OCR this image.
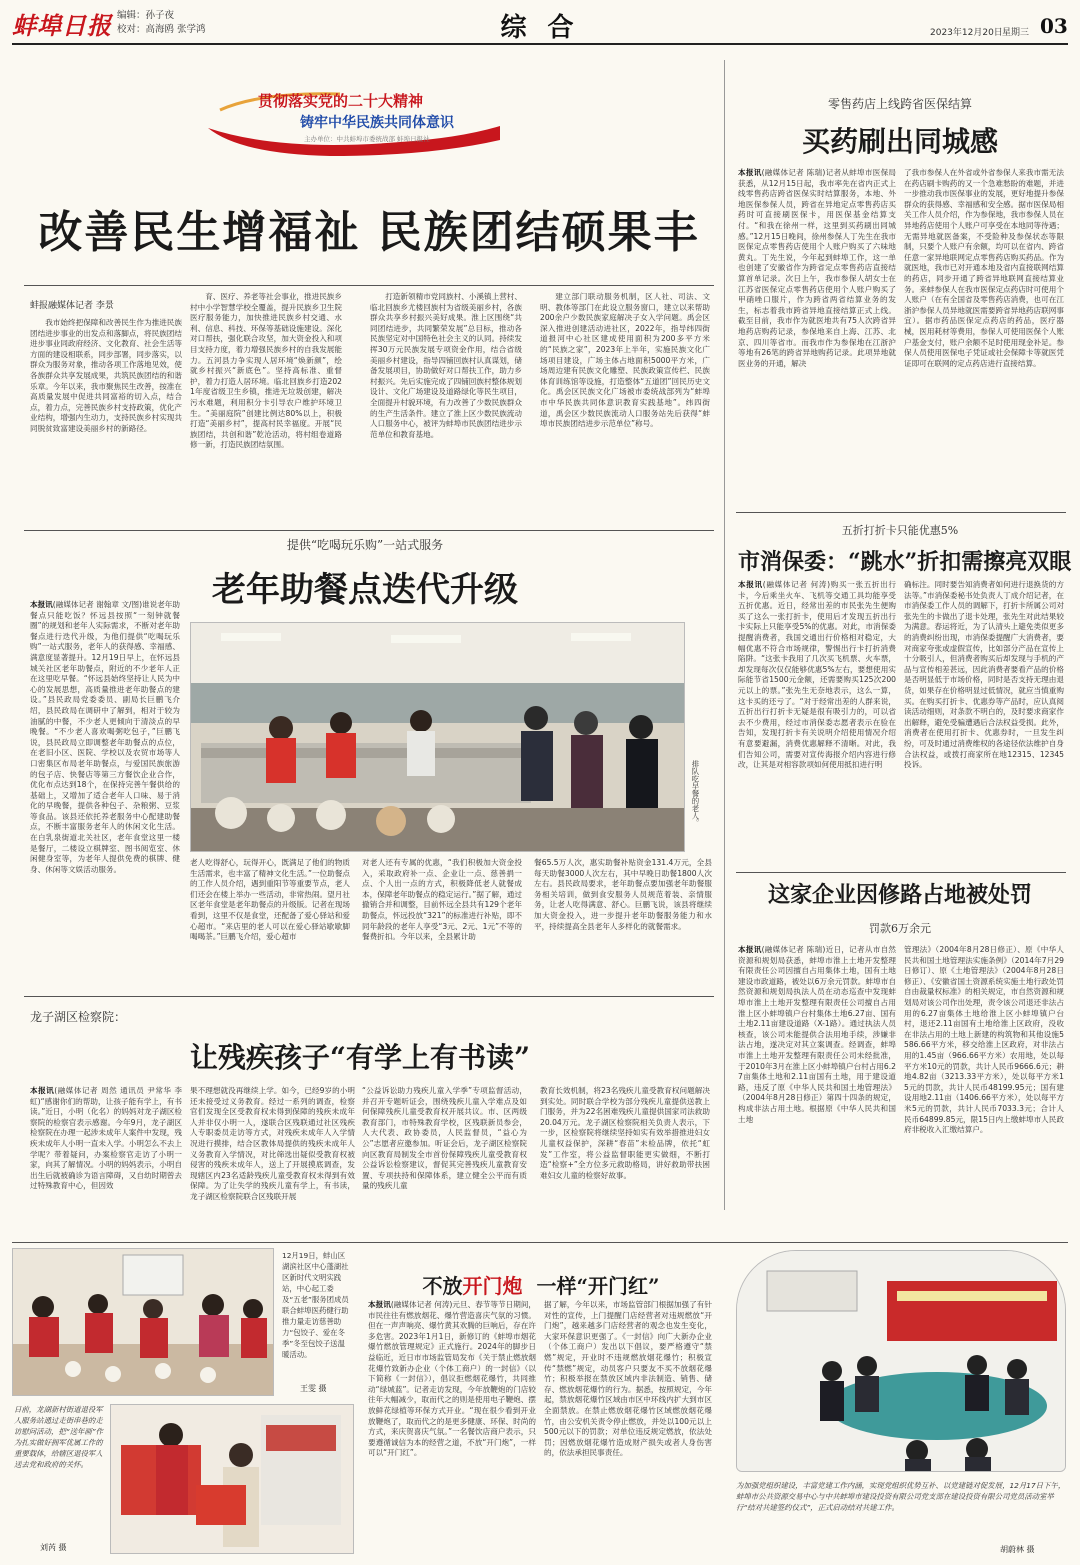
蚌埠日报 编辑：孙子夜
校对：高海鸥 张学鸿	综 合	2023年12月20日 星期三 03
贯彻落实党的二十大精神
铸牢中华民族共同体意识
主办单位：中共蚌埠市委统战部 蚌埠日报社
改善民生增福祉 民族团结硕果丰
蚌报融媒体记者 李景

我市始终把保障和改善民生作为推进民族团结进步事业的出发点和落脚点，将民族团结进步事业同政府经济、文化教育、社会生活等方面的建设相联系，同步部署，同步落实，以群众为服务对象，推动各项工作落地见效，使各族群众共享发展成果，共筑民族团结的和谐乐章。今年以来，我市聚焦民生改善，按准在高质量发展中促进共同富裕的切入点，结合点，着力点，完善民族乡村支持政策，优化产业结构，增强内生动力，支持民族乡村实现共同脱贫致富建设美丽乡村的新路径。

育、医疗、养老等社会事业，推进民族乡村中小学智慧学校全覆盖，提升民族乡卫生院医疗服务能力，加快推进民族乡村交通、水利、信息、科技、环保等基础设施建设。深化对口帮扶，强化联合攻坚，加大资金投入和项目支持力度，着力增强民族乡村的自我发展能力。五河县力争实现人居环境“焕新颜”，绘就乡村振兴“新底色”。坚持高标准、重督护，着力打造人居环境。临北回族乡打造2021年度省级卫生乡镇，推进无垃圾创建，解决污水难题，利用积分卡引导农户维护环境卫生。“美丽庭院”创建比例达80%以上，积极打造“美丽乡村”，提高村民幸福度。开展“民族团结，共创和谐”乾沧活动，将村组卷道路修一新，打造民族团结氛围。

打造新领精市党同族村、小溪镇上营村、临北回族乡尤楼回族村为省级美丽乡村，各族群众共享乡村振兴美好成果。淮上区围绕“共同团结进步，共同繁荣发展”总目标，推动各民族坚定对中国特色社会主义的认同。持续发挥30万元民族发展专项资金作用，结合省级美丽乡村建设，指导四铺回族村认真谋划，储备发展项目，协助做好对口帮扶工作，助力乡村振兴。先后实施完成了四铺回族村整体规划设计、文化广场建设及道路绿化等民生项目，全面提升村貌环境，有力改善了少数民族群众的生产生活条件。建立了淮上区少数民族流动人口服务中心，被评为蚌埠市民族团结进步示范单位和教育基地。

建立部门联动服务机制，区人社、司法、文明、教体等部门在此设立服务窗口，建立以来帮助200余户少数民族家庭解决子女入学问题。禹会区深入推进创建活动进社区，2022年，指导纬四街道报河中心社区建成使用面积为200多平方米的“民族之家”，2023年上半年，实施民族文化广场项目建设，广场主体占地面积5000平方米，广场周边建有民族文化雕塑、民族政策宣传栏、民族体育训练馆等设施，打造整体“五道团”回民历史文化。禹会区民族文化广场被市委统战部列为“蚌埠市中华民族共同体意识教育实践基地”。纬四街道，禹会区少数民族流动人口服务站先后获得“蚌埠市民族团结进步示范单位”称号。

零售药店上线跨省医保结算
买药刷出同城感
本报讯(融媒体记者 陈瑞)记者从蚌埠市医保局获悉，从12月15日起，我市率先在省内正式上线零售药店跨省医保实时结算服务，本地、外地医保参保人员，跨省在异地定点零售药店买药时可直接刷医保卡，用医保基金结算支付。“和我在徐州一样，这里到买药刷出同城感。”12月15日晚间，徐州参保人丁先生在我市医保定点零售药店使用个人账户购买了六味地黄丸。丁先生说，今年起到蚌埠工作，这一单也创建了安徽省作为跨省定点零售药店直接结算首单记录。次日上午，我市参保人胡女士在江苏省医保定点零售药店使用个人账户购买了甲硝唑口服片，作为跨省两省结算业务的发生，标志着我市跨省异地直接结算正式上线。截至目前，我市作为就医地共有75人次跨省异地药店购药记录，参保地来自上海、江苏、北京、四川等省市。而我市作为参保地在江浙沪等地有26笔的跨省异地购药记录。此项异地就医业务的开通，解决
了我市参保人在外省或外省参保人来我市需无法在药店刷卡购药的又一个急难愁盼的难题，并进一步推动我市医保事业的发展，更好地提升参保群众的获得感、幸福感和安全感。据市医保局相关工作人员介绍，作为参保地，我市参保人员在异地药店使用个人账户可享受在本地同等待遇；无需异地就医备案，不受险种及参保状态等限制，只要个人账户有余额，均可以在省内、跨省任意一家异地联网定点零售药店购买药品。作为就医地，我市已对开通本地及省内直接联网结算的药店，同步开通了跨省异地联网直接结算业务。来蚌参保人在我市医保定点药店时可使用个人账户（在有全国省及零售药店消费，也可在江浙沪参保人员异地就医需要跨省异地药店联网事宜）。据市药品医保定点药店的药品，医疗器械，医用耗材等费用，参保人可使用医保个人账户基金支付，账户余额不足时使用现金补足。参保人员使用医保电子凭证或社会保障卡等就医凭证即可在联网的定点药店进行直接结算。
五折打折卡只能优惠5%
市消保委：“跳水”折扣需擦亮双眼
本报讯(融媒体记者 何涛)购买一张五折出行卡，今后乘坐火车、飞机等交通工具均能享受五折优惠。近日，经常出差的市民张先生便购买了这么一张打折卡，使用后才发现五折出行卡实际上只能享受5%的优惠。对此，市消保委提醒消费者，我国交通出行价格相对稳定，大幅优惠不符合市场规律，警惕出行卡打折消费陷阱。“这张卡我用了几次买飞机票、火车票，却发现每次仅仅能够优惠5%左右，要想使用实际能节省1500元金额，还需要购买125次200元以上的票。”张先生无奈地表示，这么一算，这卡买的还亏了。“对于经常出差的人群来说，五折出行打折卡无疑是很有吸引力的，可以省去不少费用，经过市消保委志愿者表示在验在告知，发现打折卡有关说明介绍使用情况介绍有意要避漏，消费优惠解释不清晰。对此，我们告知公司，需要对宣传海报介绍内容进行修改，让其是对相容款项如何使用抵扣进行明
确标注。同时要告知消费者如何进行退换货的方法等。”市消保委秘书处负责人丁成介绍记者，在市消保委工作人员的调解下，打折卡所属公司对张先生的卡做出了退卡处理，张先生对此结果较为满意。春运将近，为了认清头上避免类似更多的消费纠纷出现，市消保委提醒广大消费者，要对商家夸张或虚假宣传，比如部分产品在宣传上十分吸引人，但消费者购买后却发现与手机的产品与宣传相差甚远，因此消费者要看产品的价格是否明显低于市场价格，同时是否支持无理由退货，如果存在价格明显过低情况，就应当慎重购买。在购买打折卡、优惠券等产品时，应认真阅读活动细则，对条款不明白的，及时要求商家作出解释，避免受骗遭遇后合法权益受损。此外，消费者在使用打折卡、优惠券时，一旦发生纠纷，可及时通过消费维权的各途径依法维护自身合法权益，或拨打商家所在地12315、12345投诉。
这家企业因修路占地被处罚
罚款6万余元
本报讯(融媒体记者 陈瑞)近日，记者从市自然资源和规划局获悉，蚌埠市淮上土地开发整理有限责任公司因擅自占用集体土地，国有土地建设市政道路，被处以6万余元罚款。蚌埠市自然资源和规划局执法人员在动态巡查中发现蚌埠市淮上土地开发整理有限责任公司擅自占用淮上区小蚌埠镇户台村集体土地6.27亩、国有土地2.11亩建设道路（X-1路）。通过执法人员核查，该公司未能提供合法用地手续，涉嫌非法占地，遂决定对其立案调查。经调查，蚌埠市淮上土地开发整理有限责任公司未经批准，于2010年3月在淮上区小蚌埠镇户台村占用6.27亩集体土地和2.11亩国有土地，用于建设道路，违反了原《中华人民共和国土地管理法》（2004年8月28日修正）第四十四条的规定，构成非法占用土地。根据原《中华人民共和国土地
管理法》（2004年8月28日修正）、原《中华人民共和国土地管理法实施条例》（2014年7月29日修订）、原《土地管理法》（2004年8月28日修正）、《安徽省国土资源系统实施土地行政处罚自由裁量权标准》的相关规定，市自然资源和规划局对该公司作出处理，责令该公司退还非法占用的6.27亩集体土地给淮上区小蚌埠镇户台村，退还2.11亩国有土地给淮上区政府，没收在非法占用的土地上新建的构筑物和其他设施5586.66平方米，移交给淮上区政府，对非法占用的1.45亩（966.66平方米）农用地，处以每平方米10元的罚款，共计人民币9666.6元；耕地4.82亩（3213.33平方米），处以每平方米15元的罚款，共计人民币48199.95元；国有建设用地2.11亩（1406.66平方米），处以每平方米5元的罚款，共计人民币7033.3元；合计人民币64899.85元，限15日内上缴蚌埠市人民政府非税收入汇缴结算户。
提供“吃喝玩乐购”一站式服务
老年助餐点迭代升级
本报讯(融媒体记者 谢翰章 文/图)谁说老年助餐点只能吃饭？怀远县按照“一刻钟就餐圈”的规划和老年人实际需求，不断对老年助餐点进行迭代升级，为他们提供“吃喝玩乐购”一站式服务，老年人的获得感、幸福感、满意度显著提升。12月19日早上，在怀远县城关社区老年助餐点，附近的不少老年人正在这里吃早餐。“怀远县始终坚持让人民为中心的发展思想，高质量推进老年助餐点的建设。”县民政局党委委员、副局长巨鹏飞介绍，县民政局在调研中了解到，相对于较为油腻的中餐，不少老人更倾向于清淡点的早晚餐。“不少老人喜欢喝粥吃包子，”巨鹏飞说，县民政局立即调整老年助餐点的点位，在老旧小区、医院、学校以及农贸市场等人口密集区布局老年助餐点，与爱国民族旅游的包子店、快餐店等第三方餐饮企业合作，优化布点达到18个，在保持完善午餐供给的基础上，又增加了适合老年人口味、易于消化的早晚餐，提供各种包子、杂粮粥、豆浆等食品。该县还依托养老服务中心配建助餐点，不断丰富服务老年人的休闲文化生活。在白乳泉街道北关社区，老年食堂这里一楼是餐厅，二楼设立棋牌室、图书阅览室、休闲健身室等，为老年人提供免费的棋牌、健身、休闲等文娱活动服务。
排队吃早餐的老人。
老人吃得舒心，玩得开心，既满足了他们的物质生活需求，也丰富了精神文化生活。”一位助餐点的工作人员介绍，遇到重阳节等重要节点，老人们还会在楼上举办一些活动，非常热闹。望月社区老年食堂是老年助餐点的升级版。记者在现场看到，这里不仅是食堂，还配备了爱心驿站和爱心超市。“来店里的老人可以在爱心驿站歇歇脚喝喝茶。”巨鹏飞介绍，爱心超市
对老人还有专属的优惠，“我们积极加大资金投入，采取政府补一点、企业让一点、慈善捐一点、个人出一点的方式，积极降低老人就餐成本，保障老年助餐点的稳定运行。”据了解，通过撤销合并和调整，目前怀远全县共有129个老年助餐点，怀远投放“321”的标准进行补贴，即不同年龄段的老年人享受“3元、2元、1元”不等的餐费折扣。今年以来，全县累计助
餐65.5万人次，惠实助餐补贴资金131.4万元，全县每天助餐3000人次左右，其中早晚日助餐1800人次左右。县民政局要求，老年助餐点要加强老年助餐服务相关培训，做到食安服务人员规范着装、亲情服务，让老人吃得满意、舒心。巨鹏飞说，该县将继续加大资金投入，进一步提升老年助餐服务能力和水平，持续提高全县老年人多样化的就餐需求。
龙子湖区检察院：
让残疾孩子“有学上有书读”
本报讯(融媒体记者 周然 通讯员 尹常华 李虹)“感谢你们的帮助，让孩子能有学上，有书读。”近日，小明（化名）的妈妈对龙子湖区检察院的检察官表示感谢。今年9月，龙子湖区检察院在办理一起涉未成年人案件中发现，残疾未成年人小明一直未入学。小明怎么不去上学呢？带着疑问，办案检察官走访了小明一家，向其了解情况。小明的妈妈表示，小明自出生后就被确诊为语言障碍，又自幼时期曾去过特殊教育中心，但因效
果不理想就没再继续上学。如今，已经9岁的小明还未接受过义务教育。经过一系列的调查，检察官们发现全区受教育权未得到保障的残疾未成年人并非仅小明一人，遂联合区残联通过社区残疾人专职委员走访等方式，对残疾未成年人入学情况进行摸排，结合区教体局提供的残疾未成年人义务教育入学情况，对比筛选出疑似受教育权被侵害的残疾未成年人，送上了开展摸底调查，发现辖区内23名适龄残疾儿童受教育权未得到有效保障。为了让失学的残疾儿童有学上，有书读，龙子湖区检察院联合区残联开展
“公益诉讼助力残疾儿童入学季”专项监督活动，并召开专题听证会，围绕残疾儿童入学难点及如何保障残疾儿童受教育权开展共议。市、区两级教育部门，市特殊教育学校，区残联新员参会，人大代表、政协委员，人民监督员，“益心为公”志愿者应邀参加。听证会后，龙子湖区检察院向区教育局制发全市首份保障残疾儿童受教育权公益诉讼检察建议，督促其完善残疾儿童教育安置、专项扶持和保障体系，建立健全公平而有质量的残疾儿童
教育长效机制，将23名残疾儿童受教育权问题解决到实处。同时联合学校为部分残疾儿童提供送教上门服务，并为22名困难残疾儿童提供国家司法救助20.04万元。龙子湖区检察院相关负责人表示，下一步，区检察院将继续坚持如实有效举措推进妇女儿童权益保护，深耕“春苗”未检品牌，依托“虹发”工作室，将公益监督职能更实做细，不断打造“检察+”全方位多元救助格局，讲好救助带扶困难妇女儿童的检察好故事。
12月19日，蚌山区湖滨社区中心蓬湖社区新时代文明实践站，中心起工委及“五老”服务团成员联合蚌埠医药健行助推力量走访慈善助力“包饺子、爱在冬季”冬至包饺子送温暖活动。
王雯 摄
日前，龙湖新村街道退役军人服务站通过走街串巷的走访慰问活动，把“送年画”作为扎实做好拥军优属工作的重要载体，给辖区退役军人送去党和政府的关怀。
刘芮 摄
不放开门炮 一样“开门红”
本报讯(融媒体记者 何涛)元旦、春节等节日期间，市民往往有燃放烟花、爆竹营造喜庆气氛的习惯。但在一声声响亮、爆竹黄其欢腾的巨响后，存在许多危害。2023年1月1日，新修订的《蚌埠市烟花爆竹燃放管理规定》正式施行。2024年的脚步日益临近，近日市市场监管局发布《关于禁止燃放烟花爆竹致新办企业（个体工商户）的一封信》（以下简称《一封信》），倡议拒燃烟花爆竹，共同推动“绿城蓝”。记者走访发现，今年放鞭炮的门店较往年大幅减少，取而代之的则是使用电子鞭炮、摆放鲜花绿植等环保方式开业。“现在很少看到开业放鞭炮了，取而代之的是更多健康、环保、时尚的方式，来庆贺喜庆气氛。”一名餐饮店商户表示，只要遵循诚信为本的经营之道，不放“开门炮”，一样可以“开门红”。
据了解，今年以来，市场监管部门根据加强了有针对性的宣传，上门提醒门店经营者对违规燃放“开门炮”，越来越多门店经营者的观念也发生变化，大家环保意识更强了。《一封信》向广大新办企业（个体工商户）发出以下倡议，要严格遵守“禁燃”规定，开业时不违规燃放烟花爆竹；积极宣传“禁燃”规定，动员客户只要友不买不放烟花爆竹；积极举报在禁放区域内非法制造、销售、储存、燃放烟花爆竹的行为。据悉，按照规定，今年起，禁放烟花爆竹区域由市区中环线内扩大到市区全面禁放。在禁止燃放烟花爆竹区域燃放烟花爆竹，由公安机关责令停止燃放，并处以100元以上500元以下的罚款；对单位违反规定燃放，依法处罚；因燃放烟花爆竹造成财产损失或者人身伤害的，依法承担民事责任。
为加强党组织建设，丰富党建工作内涵，实现党组织优势互补、以党建链对促发展，12月17日下午，蚌埠市公共资源交易中心与中共蚌埠市建设投资有限公司党支部在建设投资有限公司党员活动室举行“结对共建签约仪式”，正式启动结对共建工作。
胡蔚林 摄
